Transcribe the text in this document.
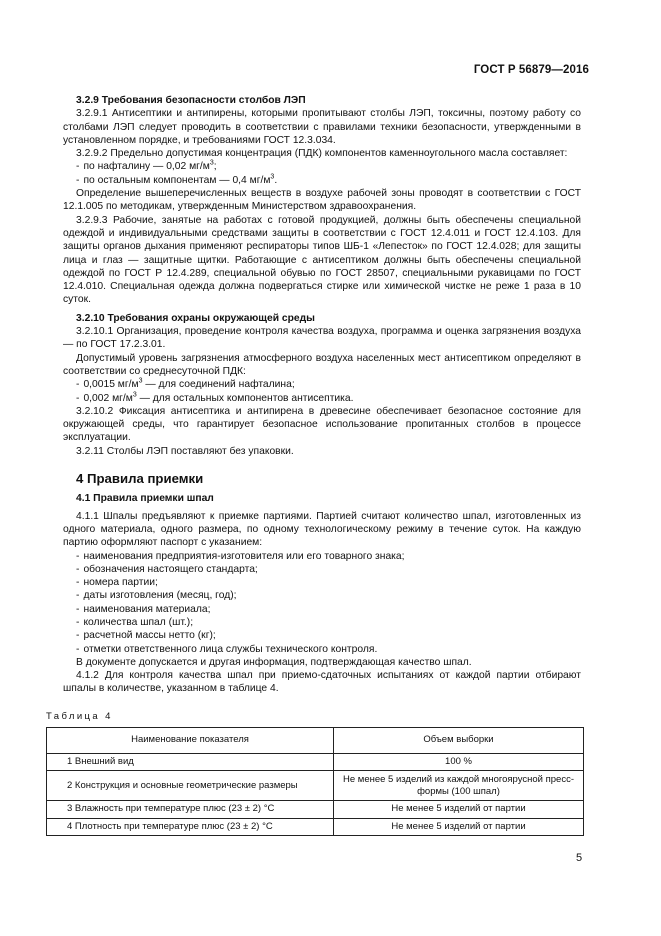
ГОСТ Р 56879—2016

3.2.9 Требования безопасности столбов ЛЭП

3.2.9.1 Антисептики и антипирены, которыми пропитывают столбы ЛЭП, токсичны, поэтому работу со столбами ЛЭП следует проводить в соответствии с правилами техники безопасности, утвержденными в установленном порядке, и требованиями ГОСТ 12.3.034.

3.2.9.2 Предельно допустимая концентрация (ПДК) компонентов каменноугольного масла составляет:

- по нафталину — 0,02 $мг/м^3$;

- по остальным компонентам — 0,4 $мг/м^3$.

Определение вышеперечисленных веществ в воздухе рабочей зоны проводят в соответствии с ГОСТ 12.1.005 по методикам, утвержденным Министерством здравоохранения.

3.2.9.3 Рабочие, занятые на работах с готовой продукцией, должны быть обеспечены специальной одеждой и индивидуальными средствами защиты в соответствии с ГОСТ 12.4.011 и ГОСТ 12.4.103. Для защиты органов дыхания применяют респираторы типов ШБ-1 «Лепесток» по ГОСТ 12.4.028; для защиты лица и глаз — защитные щитки. Работающие с антисептиком должны быть обеспечены специальной одеждой по ГОСТ Р 12.4.289, специальной обувью по ГОСТ 28507, специальными рукавицами по ГОСТ 12.4.010. Специальная одежда должна подвергаться стирке или химической чистке не реже 1 раза в 10 суток.

3.2.10 Требования охраны окружающей среды

3.2.10.1 Организация, проведение контроля качества воздуха, программа и оценка загрязнения воздуха — по ГОСТ 17.2.3.01.

Допустимый уровень загрязнения атмосферного воздуха населенных мест антисептиком определяют в соответствии со среднесуточной ПДК:

- 0,0015 $мг/м^3$ — для соединений нафталина;

- 0,002 $мг/м^3$ — для остальных компонентов антисептика.

3.2.10.2 Фиксация антисептика и антипирена в древесине обеспечивает безопасное состояние для окружающей среды, что гарантирует безопасное использование пропитанных столбов в процессе эксплуатации.

3.2.11 Столбы ЛЭП поставляют без упаковки.

4 Правила приемки

4.1 Правила приемки шпал

4.1.1 Шпалы предъявляют к приемке партиями. Партией считают количество шпал, изготовленных из одного материала, одного размера, по одному технологическому режиму в течение суток. На каждую партию оформляют паспорт с указанием:

- наименования предприятия-изготовителя или его товарного знака;

- обозначения настоящего стандарта;

- номера партии;

- даты изготовления (месяц, год);

- наименования материала;

- количества шпал (шт.);

- расчетной массы нетто (кг);

- отметки ответственного лица службы технического контроля.

В документе допускается и другая информация, подтверждающая качество шпал.

4.1.2 Для контроля качества шпал при приемо-сдаточных испытаниях от каждой партии отбирают шпалы в количестве, указанном в таблице 4.

Таблица 4
Наименование показателя	Объем выборки
1 Внешний вид	100 %
2 Конструкция и основные геометрические размеры	Не менее 5 изделий из каждой многоярусной пресс-формы (100 шпал)
3 Влажность при температуре плюс (23 ± 2) °С	Не менее 5 изделий от партии
4 Плотность при температуре плюс (23 ± 2) °С	Не менее 5 изделий от партии
5
